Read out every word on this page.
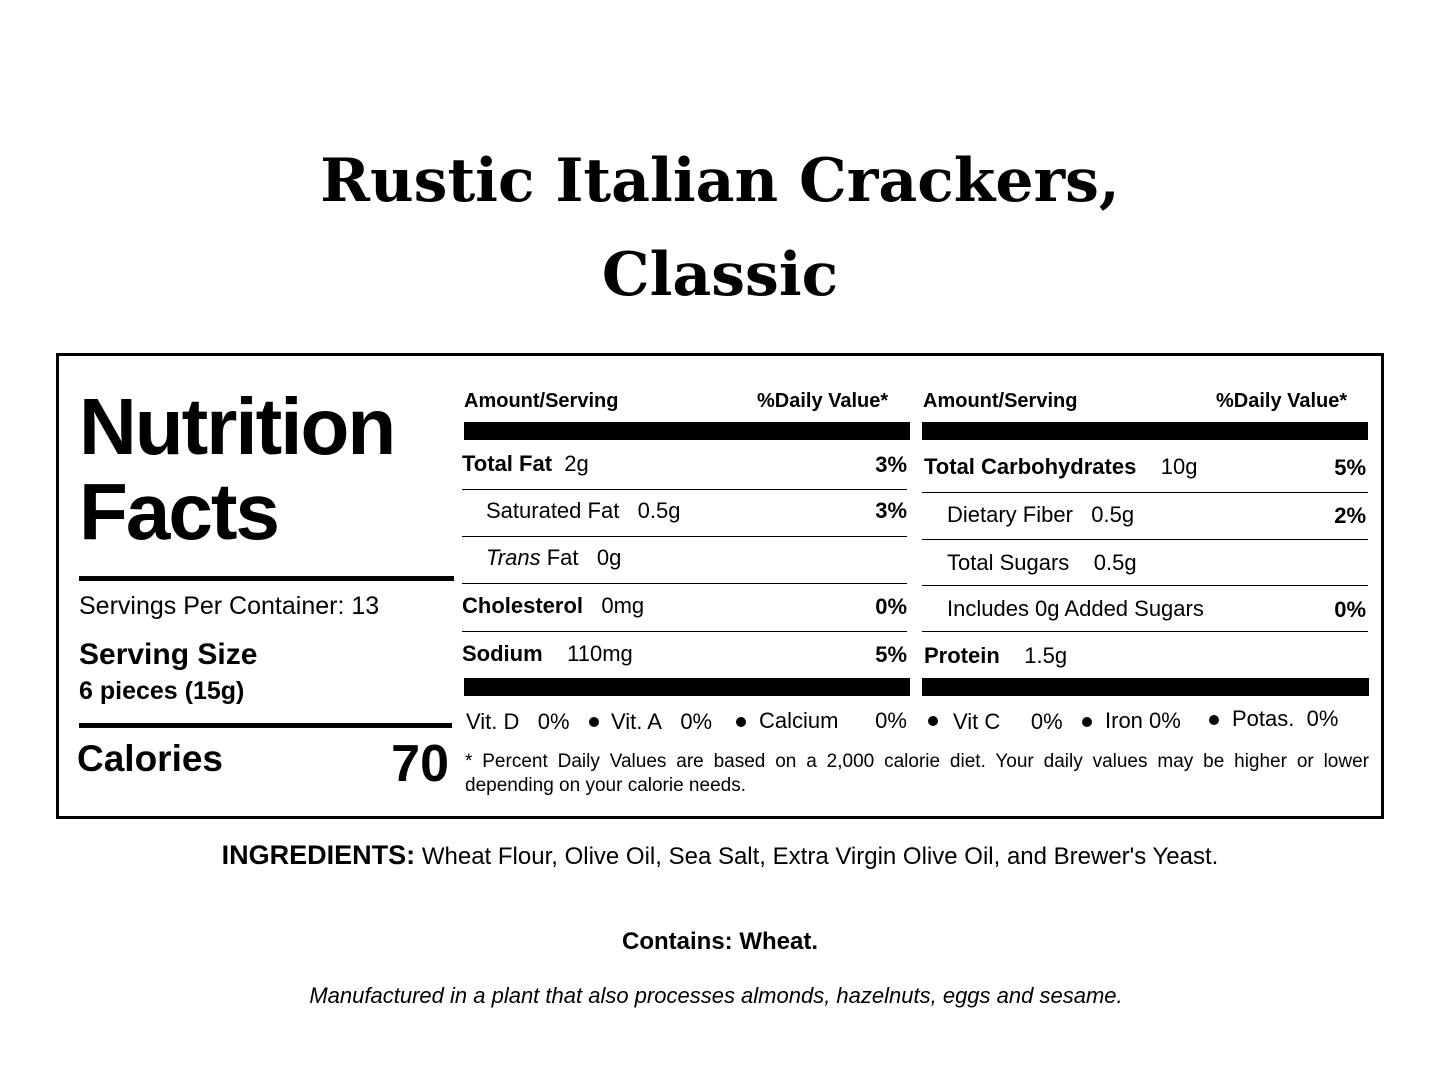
Rustic Italian Crackers,
Classic
Nutrition
Facts
Servings Per Container: 13
Serving Size
6 pieces (15g)
Calories	70
Amount/Serving	%Daily Value*
Total Fat 2g	3%
Saturated Fat 0.5g	3%
Trans Fat 0g
Cholesterol 0mg	0%
Sodium 110mg	5%
Amount/Serving	%Daily Value*
Total Carbohydrates 10g	5%
Dietary Fiber 0.5g	2%
Total Sugars 0.5g
Includes 0g Added Sugars	0%
Protein 1.5g
Vit. D 0% Vit. A 0% Calcium 0% Vit C 0% Iron 0% Potas. 0%
* Percent Daily Values are based on a 2,000 calorie diet. Your daily values may be higher or lower depending on your calorie needs.
INGREDIENTS: Wheat Flour, Olive Oil, Sea Salt, Extra Virgin Olive Oil, and Brewer's Yeast.
Contains: Wheat.
Manufactured in a plant that also processes almonds, hazelnuts, eggs and sesame.
